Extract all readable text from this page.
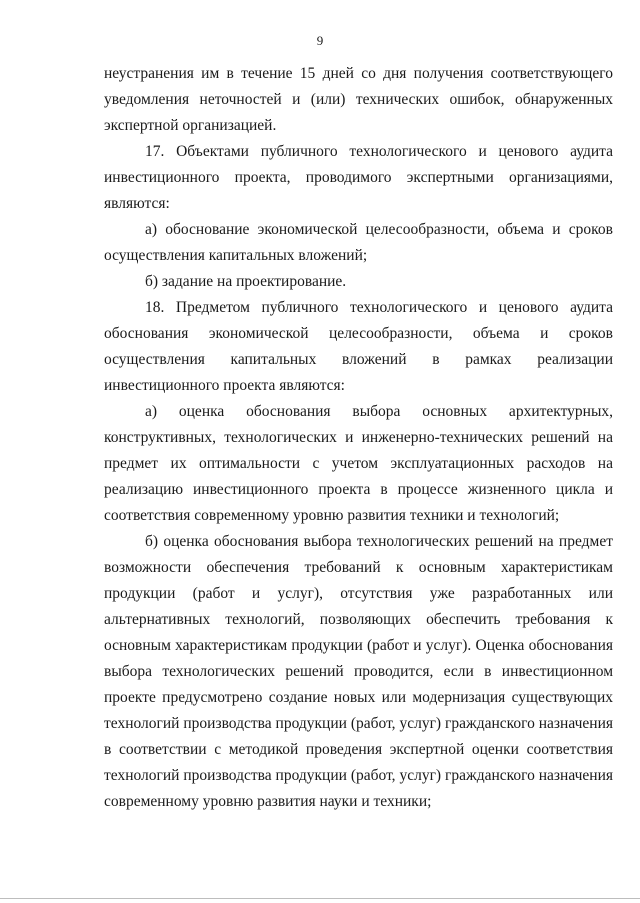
9

неустранения им в течение 15 дней со дня получения соответствующего уведомления неточностей и (или) технических ошибок, обнаруженных экспертной организацией.

17. Объектами публичного технологического и ценового аудита инвестиционного проекта, проводимого экспертными организациями, являются:

а) обоснование экономической целесообразности, объема и сроков осуществления капитальных вложений;

б) задание на проектирование.

18. Предметом публичного технологического и ценового аудита обоснования экономической целесообразности, объема и сроков осуществления капитальных вложений в рамках реализации инвестиционного проекта являются:

а) оценка обоснования выбора основных архитектурных, конструктивных, технологических и инженерно-технических решений на предмет их оптимальности с учетом эксплуатационных расходов на реализацию инвестиционного проекта в процессе жизненного цикла и соответствия современному уровню развития техники и технологий;

б) оценка обоснования выбора технологических решений на предмет возможности обеспечения требований к основным характеристикам продукции (работ и услуг), отсутствия уже разработанных или альтернативных технологий, позволяющих обеспечить требования к основным характеристикам продукции (работ и услуг). Оценка обоснования выбора технологических решений проводится, если в инвестиционном проекте предусмотрено создание новых или модернизация существующих технологий производства продукции (работ, услуг) гражданского назначения в соответствии с методикой проведения экспертной оценки соответствия технологий производства продукции (работ, услуг) гражданского назначения современному уровню развития науки и техники;
